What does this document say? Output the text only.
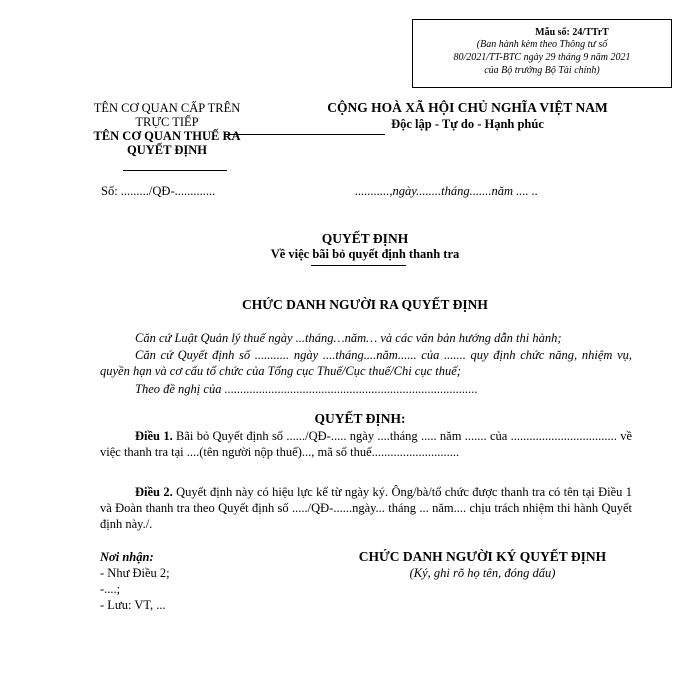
Mẫu số: 24/TTrT
(Ban hành kèm theo Thông tư số
80/2021/TT-BTC ngày 29 tháng 9 năm 2021
của Bộ trưởng Bộ Tài chính)
TÊN CƠ QUAN CẤP TRÊN
TRỰC TIẾP
TÊN CƠ QUAN THUẾ RA
QUYẾT ĐỊNH
CỘNG HOÀ XÃ HỘI CHỦ NGHĨA VIỆT NAM
Độc lập - Tự do - Hạnh phúc
Số: ........./QĐ-.............	...........,ngày........tháng.......năm .... ..
QUYẾT ĐỊNH
Về việc bãi bỏ quyết định thanh tra
CHỨC DANH NGƯỜI RA QUYẾT ĐỊNH
Căn cứ Luật Quản lý thuế ngày ...tháng…năm… và các văn bản hướng dẫn thi hành;
Căn cứ Quyết định số ........... ngày ....tháng....năm...... của ....... quy định chức năng, nhiệm vụ, quyền hạn và cơ cấu tổ chức của Tổng cục Thuế/Cục thuế/Chi cục thuế;
Theo đề nghị của .................................................................................
QUYẾT ĐỊNH:
Điều 1. Bãi bỏ Quyết định số ....../QĐ-..... ngày ....tháng ..... năm ....... của .................................. về việc thanh tra tại ....(tên người nộp thuế)..., mã số thuế............................
Điều 2. Quyết định này có hiệu lực kể từ ngày ký. Ông/bà/tổ chức được thanh tra có tên tại Điều 1 và Đoàn thanh tra theo Quyết định số ...../QĐ-......ngày... tháng ... năm.... chịu trách nhiệm thi hành Quyết định này./.
Nơi nhận:
- Như Điều 2;
-....;
- Lưu: VT, ...
CHỨC DANH NGƯỜI KÝ QUYẾT ĐỊNH
(Ký, ghi rõ họ tên, đóng dấu)
